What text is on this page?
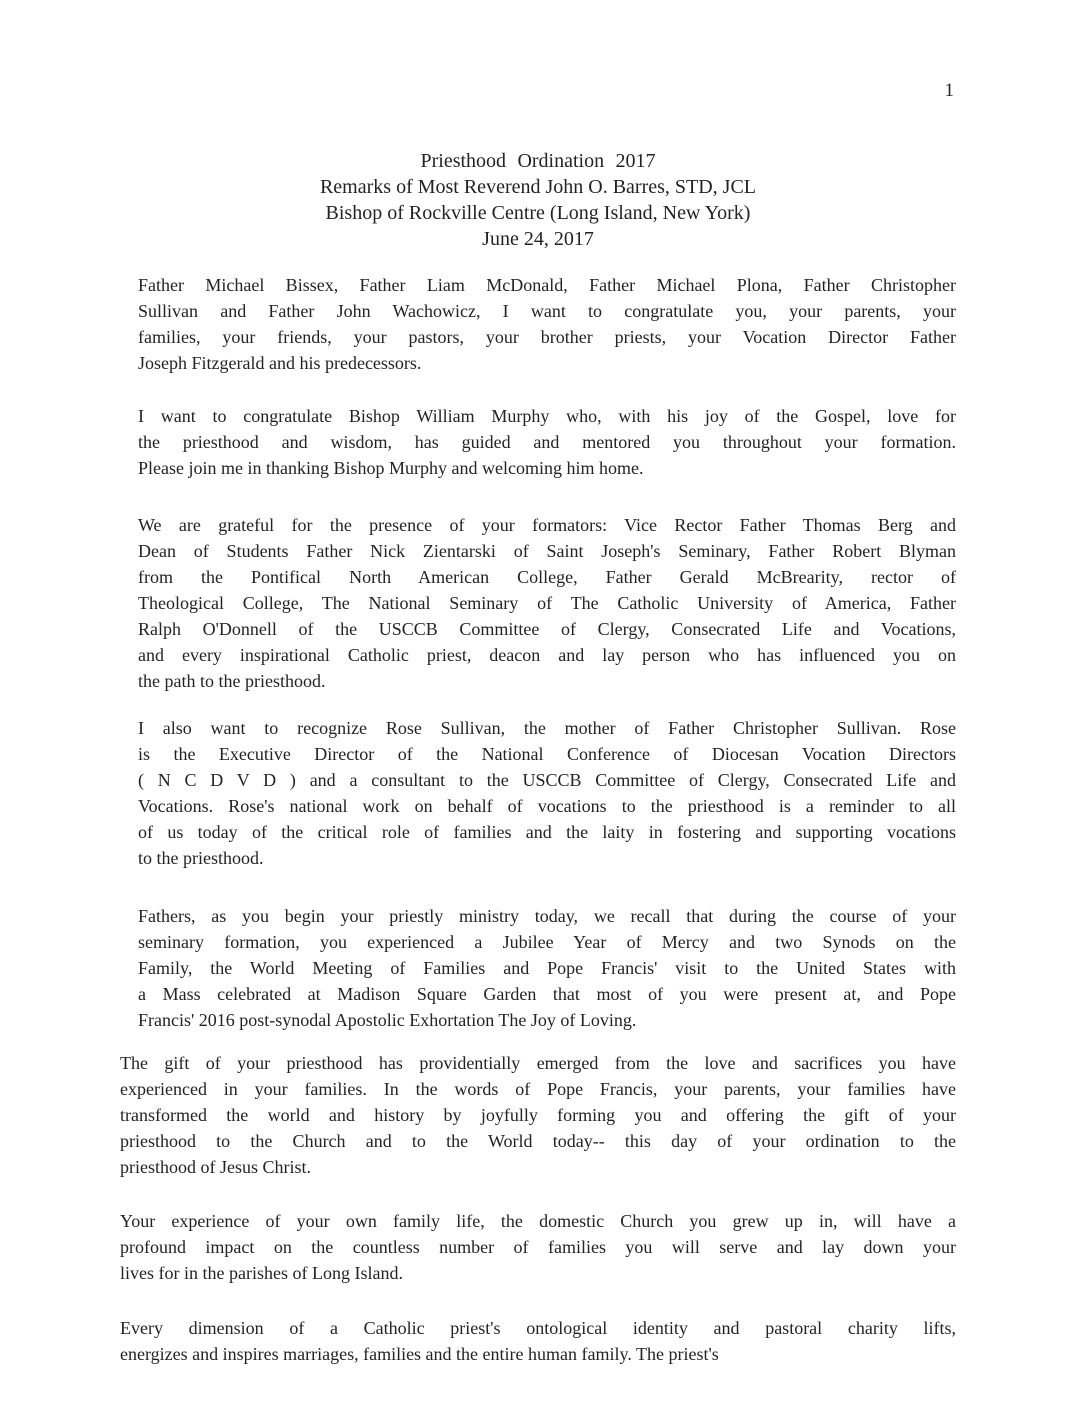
1
Priesthood Ordination 2017
Remarks of Most Reverend John O. Barres, STD, JCL
Bishop of Rockville Centre (Long Island, New York)
June 24, 2017

Father Michael Bissex, Father Liam McDonald, Father Michael Plona, Father Christopher
Sullivan and Father John Wachowicz, I want to congratulate you, your parents, your
families, your friends, your pastors, your brother priests, your Vocation Director Father
Joseph Fitzgerald and his predecessors.

I want to congratulate Bishop William Murphy who, with his joy of the Gospel, love for
the priesthood and wisdom, has guided and mentored you throughout your formation.
Please join me in thanking Bishop Murphy and welcoming him home.

We are grateful for the presence of your formators: Vice Rector Father Thomas Berg and
Dean of Students Father Nick Zientarski of Saint Joseph's Seminary, Father Robert Blyman
from the Pontifical North American College, Father Gerald McBrearity, rector of
Theological College, The National Seminary of The Catholic University of America, Father
Ralph O'Donnell of the USCCB Committee of Clergy, Consecrated Life and Vocations,
and every inspirational Catholic priest, deacon and lay person who has influenced you on
the path to the priesthood.

I also want to recognize Rose Sullivan, the mother of Father Christopher Sullivan. Rose
is the Executive Director of the National Conference of Diocesan Vocation Directors
( N C D V D ) and a consultant to the USCCB Committee of Clergy, Consecrated Life and
Vocations. Rose's national work on behalf of vocations to the priesthood is a reminder to all
of us today of the critical role of families and the laity in fostering and supporting vocations
to the priesthood.

Fathers, as you begin your priestly ministry today, we recall that during the course of your
seminary formation, you experienced a Jubilee Year of Mercy and two Synods on the
Family, the World Meeting of Families and Pope Francis' visit to the United States with
a Mass celebrated at Madison Square Garden that most of you were present at, and Pope
Francis' 2016 post-synodal Apostolic Exhortation The Joy of Loving.

The gift of your priesthood has providentially emerged from the love and sacrifices you have
experienced in your families. In the words of Pope Francis, your parents, your families have
transformed the world and history by joyfully forming you and offering the gift of your
priesthood to the Church and to the World today-- this day of your ordination to the
priesthood of Jesus Christ.

Your experience of your own family life, the domestic Church you grew up in, will have a
profound impact on the countless number of families you will serve and lay down your
lives for in the parishes of Long Island.

Every dimension of a Catholic priest's ontological identity and pastoral charity lifts,
energizes and inspires marriages, families and the entire human family. The priest's
